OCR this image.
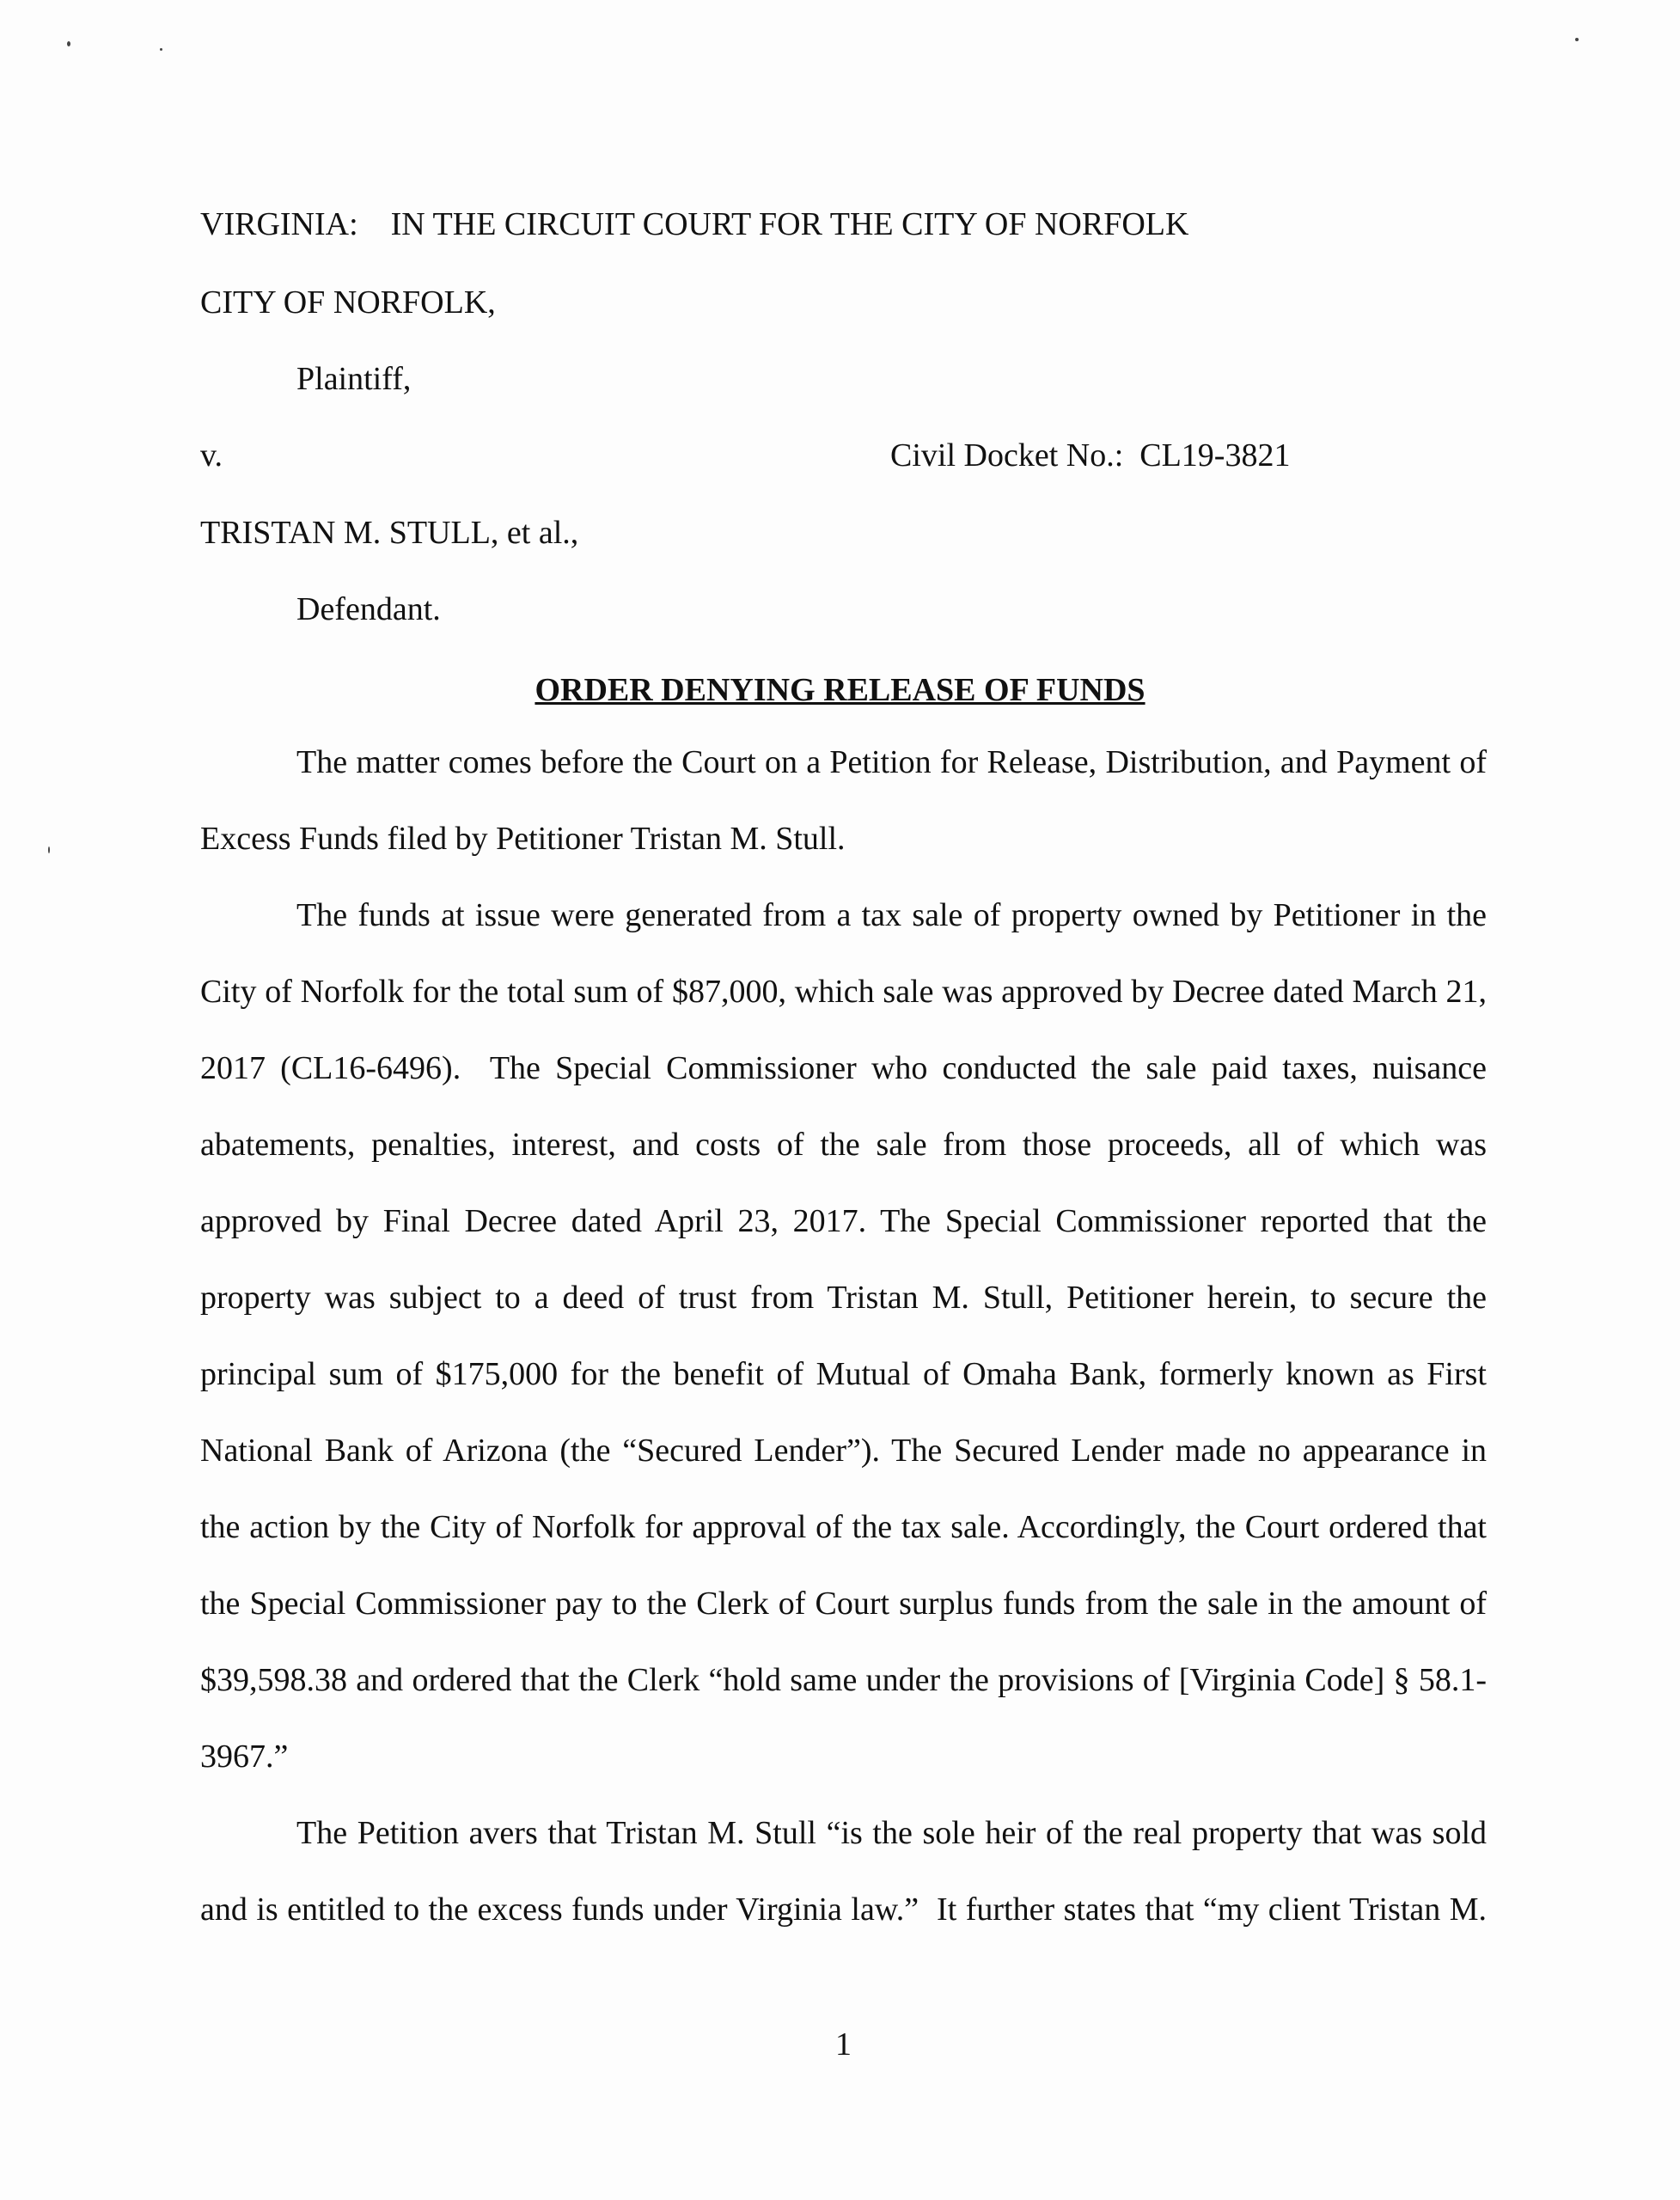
VIRGINIA:    IN THE CIRCUIT COURT FOR THE CITY OF NORFOLK
CITY OF NORFOLK,
Plaintiff,
v.	Civil Docket No.:  CL19-3821
TRISTAN M. STULL, et al.,
Defendant.
ORDER DENYING RELEASE OF FUNDS
The matter comes before the Court on a Petition for Release, Distribution, and Payment of
Excess Funds filed by Petitioner Tristan M. Stull.
The funds at issue were generated from a tax sale of property owned by Petitioner in the
City of Norfolk for the total sum of $87,000, which sale was approved by Decree dated March 21,
2017 (CL16-6496).  The Special Commissioner who conducted the sale paid taxes, nuisance
abatements, penalties, interest, and costs of the sale from those proceeds, all of which was
approved by Final Decree dated April 23, 2017. The Special Commissioner reported that the
property was subject to a deed of trust from Tristan M. Stull, Petitioner herein, to secure the
principal sum of $175,000 for the benefit of Mutual of Omaha Bank, formerly known as First
National Bank of Arizona (the “Secured Lender”). The Secured Lender made no appearance in
the action by the City of Norfolk for approval of the tax sale. Accordingly, the Court ordered that
the Special Commissioner pay to the Clerk of Court surplus funds from the sale in the amount of
$39,598.38 and ordered that the Clerk “hold same under the provisions of [Virginia Code] § 58.1-
3967.”
The Petition avers that Tristan M. Stull “is the sole heir of the real property that was sold
and is entitled to the excess funds under Virginia law.”  It further states that “my client Tristan M.
1
